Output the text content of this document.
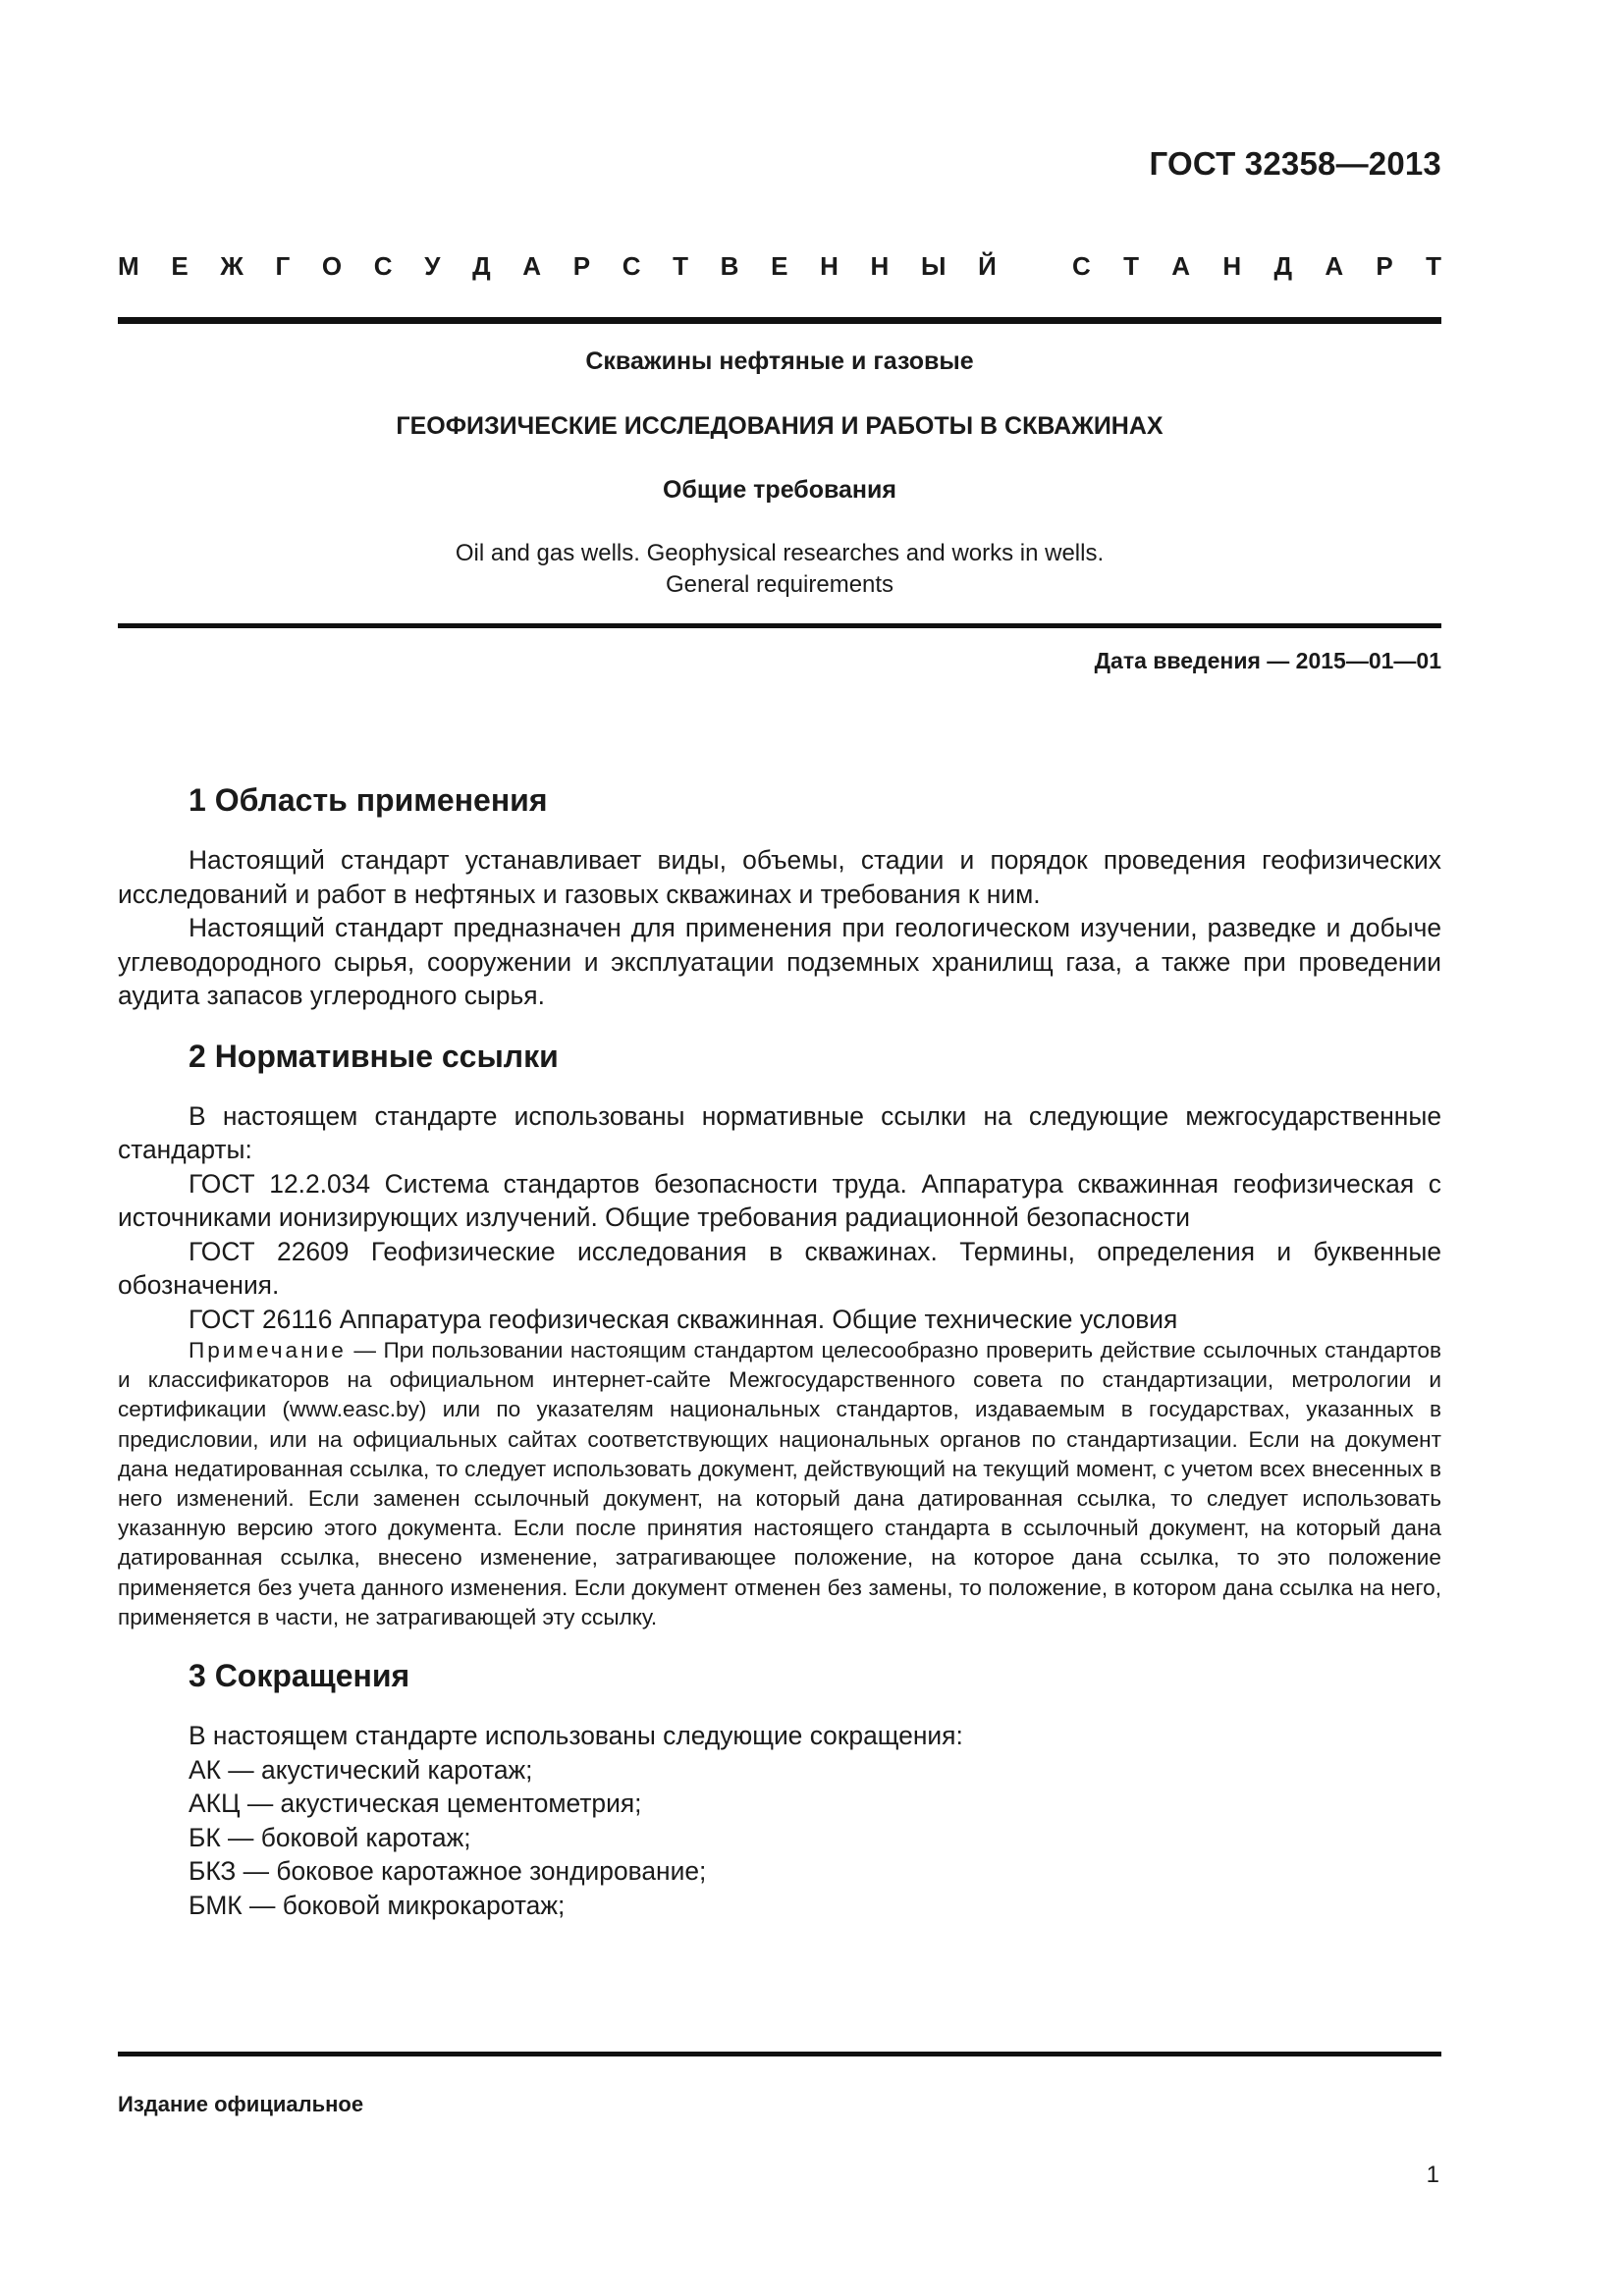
ГОСТ 32358—2013
М Е Ж Г О С У Д А Р С Т В Е Н Н Ы Й	С Т А Н Д А Р Т
Скважины нефтяные и газовые
ГЕОФИЗИЧЕСКИЕ ИССЛЕДОВАНИЯ И РАБОТЫ В СКВАЖИНАХ
Общие требования
Oil and gas wells. Geophysical researches and works in wells.
General requirements
Дата введения — 2015—01—01
1 Область применения

Настоящий стандарт устанавливает виды, объемы, стадии и порядок проведения геофизических исследований и работ в нефтяных и газовых скважинах и требования к ним.

Настоящий стандарт предназначен для применения при геологическом изучении, разведке и добыче углеводородного сырья, сооружении и эксплуатации подземных хранилищ газа, а также при проведении аудита запасов углеродного сырья.

2 Нормативные ссылки

В настоящем стандарте использованы нормативные ссылки на следующие межгосударственные стандарты:

ГОСТ 12.2.034 Система стандартов безопасности труда. Аппаратура скважинная геофизическая с источниками ионизирующих излучений. Общие требования радиационной безопасности

ГОСТ 22609 Геофизические исследования в скважинах. Термины, определения и буквенные обозначения.

ГОСТ 26116 Аппаратура геофизическая скважинная. Общие технические условия

Примечание — При пользовании настоящим стандартом целесообразно проверить действие ссылочных стандартов и классификаторов на официальном интернет-сайте Межгосударственного совета по стандартизации, метрологии и сертификации (www.easc.by) или по указателям национальных стандартов, издаваемым в государствах, указанных в предисловии, или на официальных сайтах соответствующих национальных органов по стандартизации. Если на документ дана недатированная ссылка, то следует использовать документ, действующий на текущий момент, с учетом всех внесенных в него изменений. Если заменен ссылочный документ, на который дана датированная ссылка, то следует использовать указанную версию этого документа. Если после принятия настоящего стандарта в ссылочный документ, на который дана датированная ссылка, внесено изменение, затрагивающее положение, на которое дана ссылка, то это положение применяется без учета данного изменения. Если документ отменен без замены, то положение, в котором дана ссылка на него, применяется в части, не затрагивающей эту ссылку.

3 Сокращения
В настоящем стандарте использованы следующие сокращения:
АК — акустический каротаж;
АКЦ — акустическая цементометрия;
БК — боковой каротаж;
БКЗ — боковое каротажное зондирование;
БМК — боковой микрокаротаж;
Издание официальное
1
